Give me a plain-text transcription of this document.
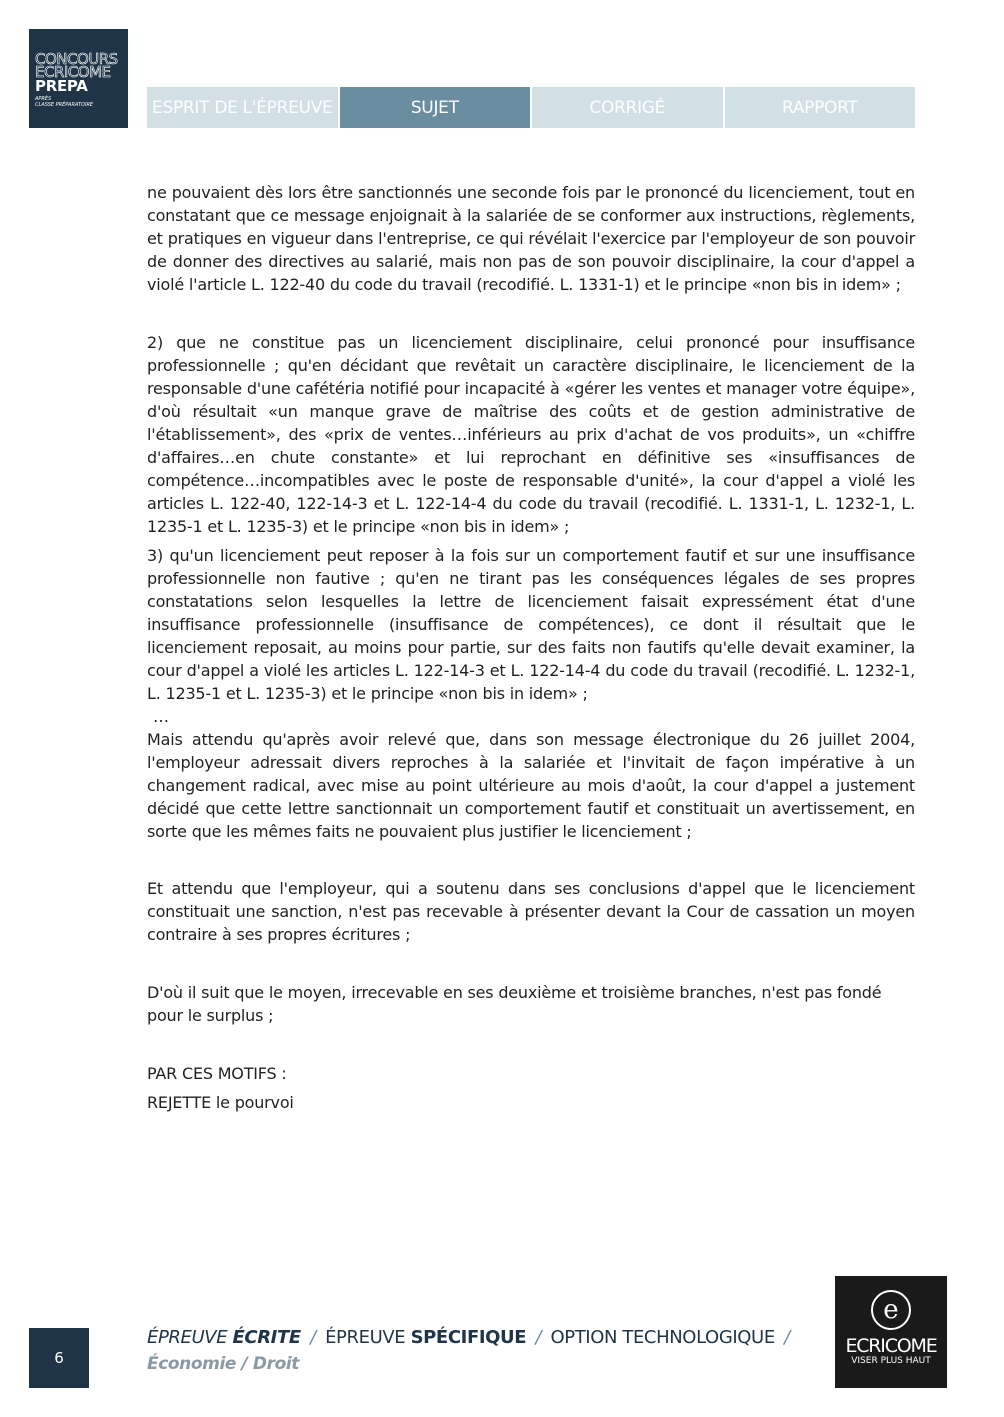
CONCOURS
ECRICOME
PREPA
APRÈS
CLASSE PRÉPARATOIRE	ESPRIT DE L'ÉPREUVE	SUJET	CORRIGÉ	RAPPORT

ne pouvaient dès lors être sanctionnés une seconde fois par le prononcé du licenciement, tout en constatant que ce message enjoignait à la salariée de se conformer aux instructions, règlements, et pratiques en vigueur dans l'entreprise, ce qui révélait l'exercice par l'employeur de son pouvoir de donner des directives au salarié, mais non pas de son pouvoir disciplinaire, la cour d'appel a violé l'article L. 122-40 du code du travail (recodifié. L. 1331-1) et le principe «non bis in idem» ;

2) que ne constitue pas un licenciement disciplinaire, celui prononcé pour insuffisance professionnelle ; qu'en décidant que revêtait un caractère disciplinaire, le licenciement de la responsable d'une cafétéria notifié pour incapacité à «gérer les ventes et manager votre équipe», d'où résultait «un manque grave de maîtrise des coûts et de gestion administrative de l'établissement», des «prix de ventes…inférieurs au prix d'achat de vos produits», un «chiffre d'affaires…en chute constante» et lui reprochant en définitive ses «insuffisances de compétence…incompatibles avec le poste de responsable d'unité», la cour d'appel a violé les articles L. 122-40, 122-14-3 et L. 122-14-4 du code du travail (recodifié. L. 1331-1, L. 1232-1, L. 1235-1 et L. 1235-3) et le principe «non bis in idem» ;

3) qu'un licenciement peut reposer à la fois sur un comportement fautif et sur une insuffisance professionnelle non fautive ; qu'en ne tirant pas les conséquences légales de ses propres constatations selon lesquelles la lettre de licenciement faisait expressément état d'une insuffisance professionnelle (insuffisance de compétences), ce dont il résultait que le licenciement reposait, au moins pour partie, sur des faits non fautifs qu'elle devait examiner, la cour d'appel a violé les articles L. 122-14-3 et L. 122-14-4 du code du travail (recodifié. L. 1232-1, L. 1235-1 et L. 1235-3) et le principe «non bis in idem» ;

…

Mais attendu qu'après avoir relevé que, dans son message électronique du 26 juillet 2004, l'employeur adressait divers reproches à la salariée et l'invitait de façon impérative à un changement radical, avec mise au point ultérieure au mois d'août, la cour d'appel a justement décidé que cette lettre sanctionnait un comportement fautif et constituait un avertissement, en sorte que les mêmes faits ne pouvaient plus justifier le licenciement ;

Et attendu que l'employeur, qui a soutenu dans ses conclusions d'appel que le licenciement constituait une sanction, n'est pas recevable à présenter devant la Cour de cassation un moyen contraire à ses propres écritures ;

D'où il suit que le moyen, irrecevable en ses deuxième et troisième branches, n'est pas fondé pour le surplus ;

PAR CES MOTIFS :

REJETTE le pourvoi

6
ÉPREUVE ÉCRITE / ÉPREUVE SPÉCIFIQUE / OPTION TECHNOLOGIQUE /
Économie / Droit
e
ECRICOME
VISER PLUS HAUT
